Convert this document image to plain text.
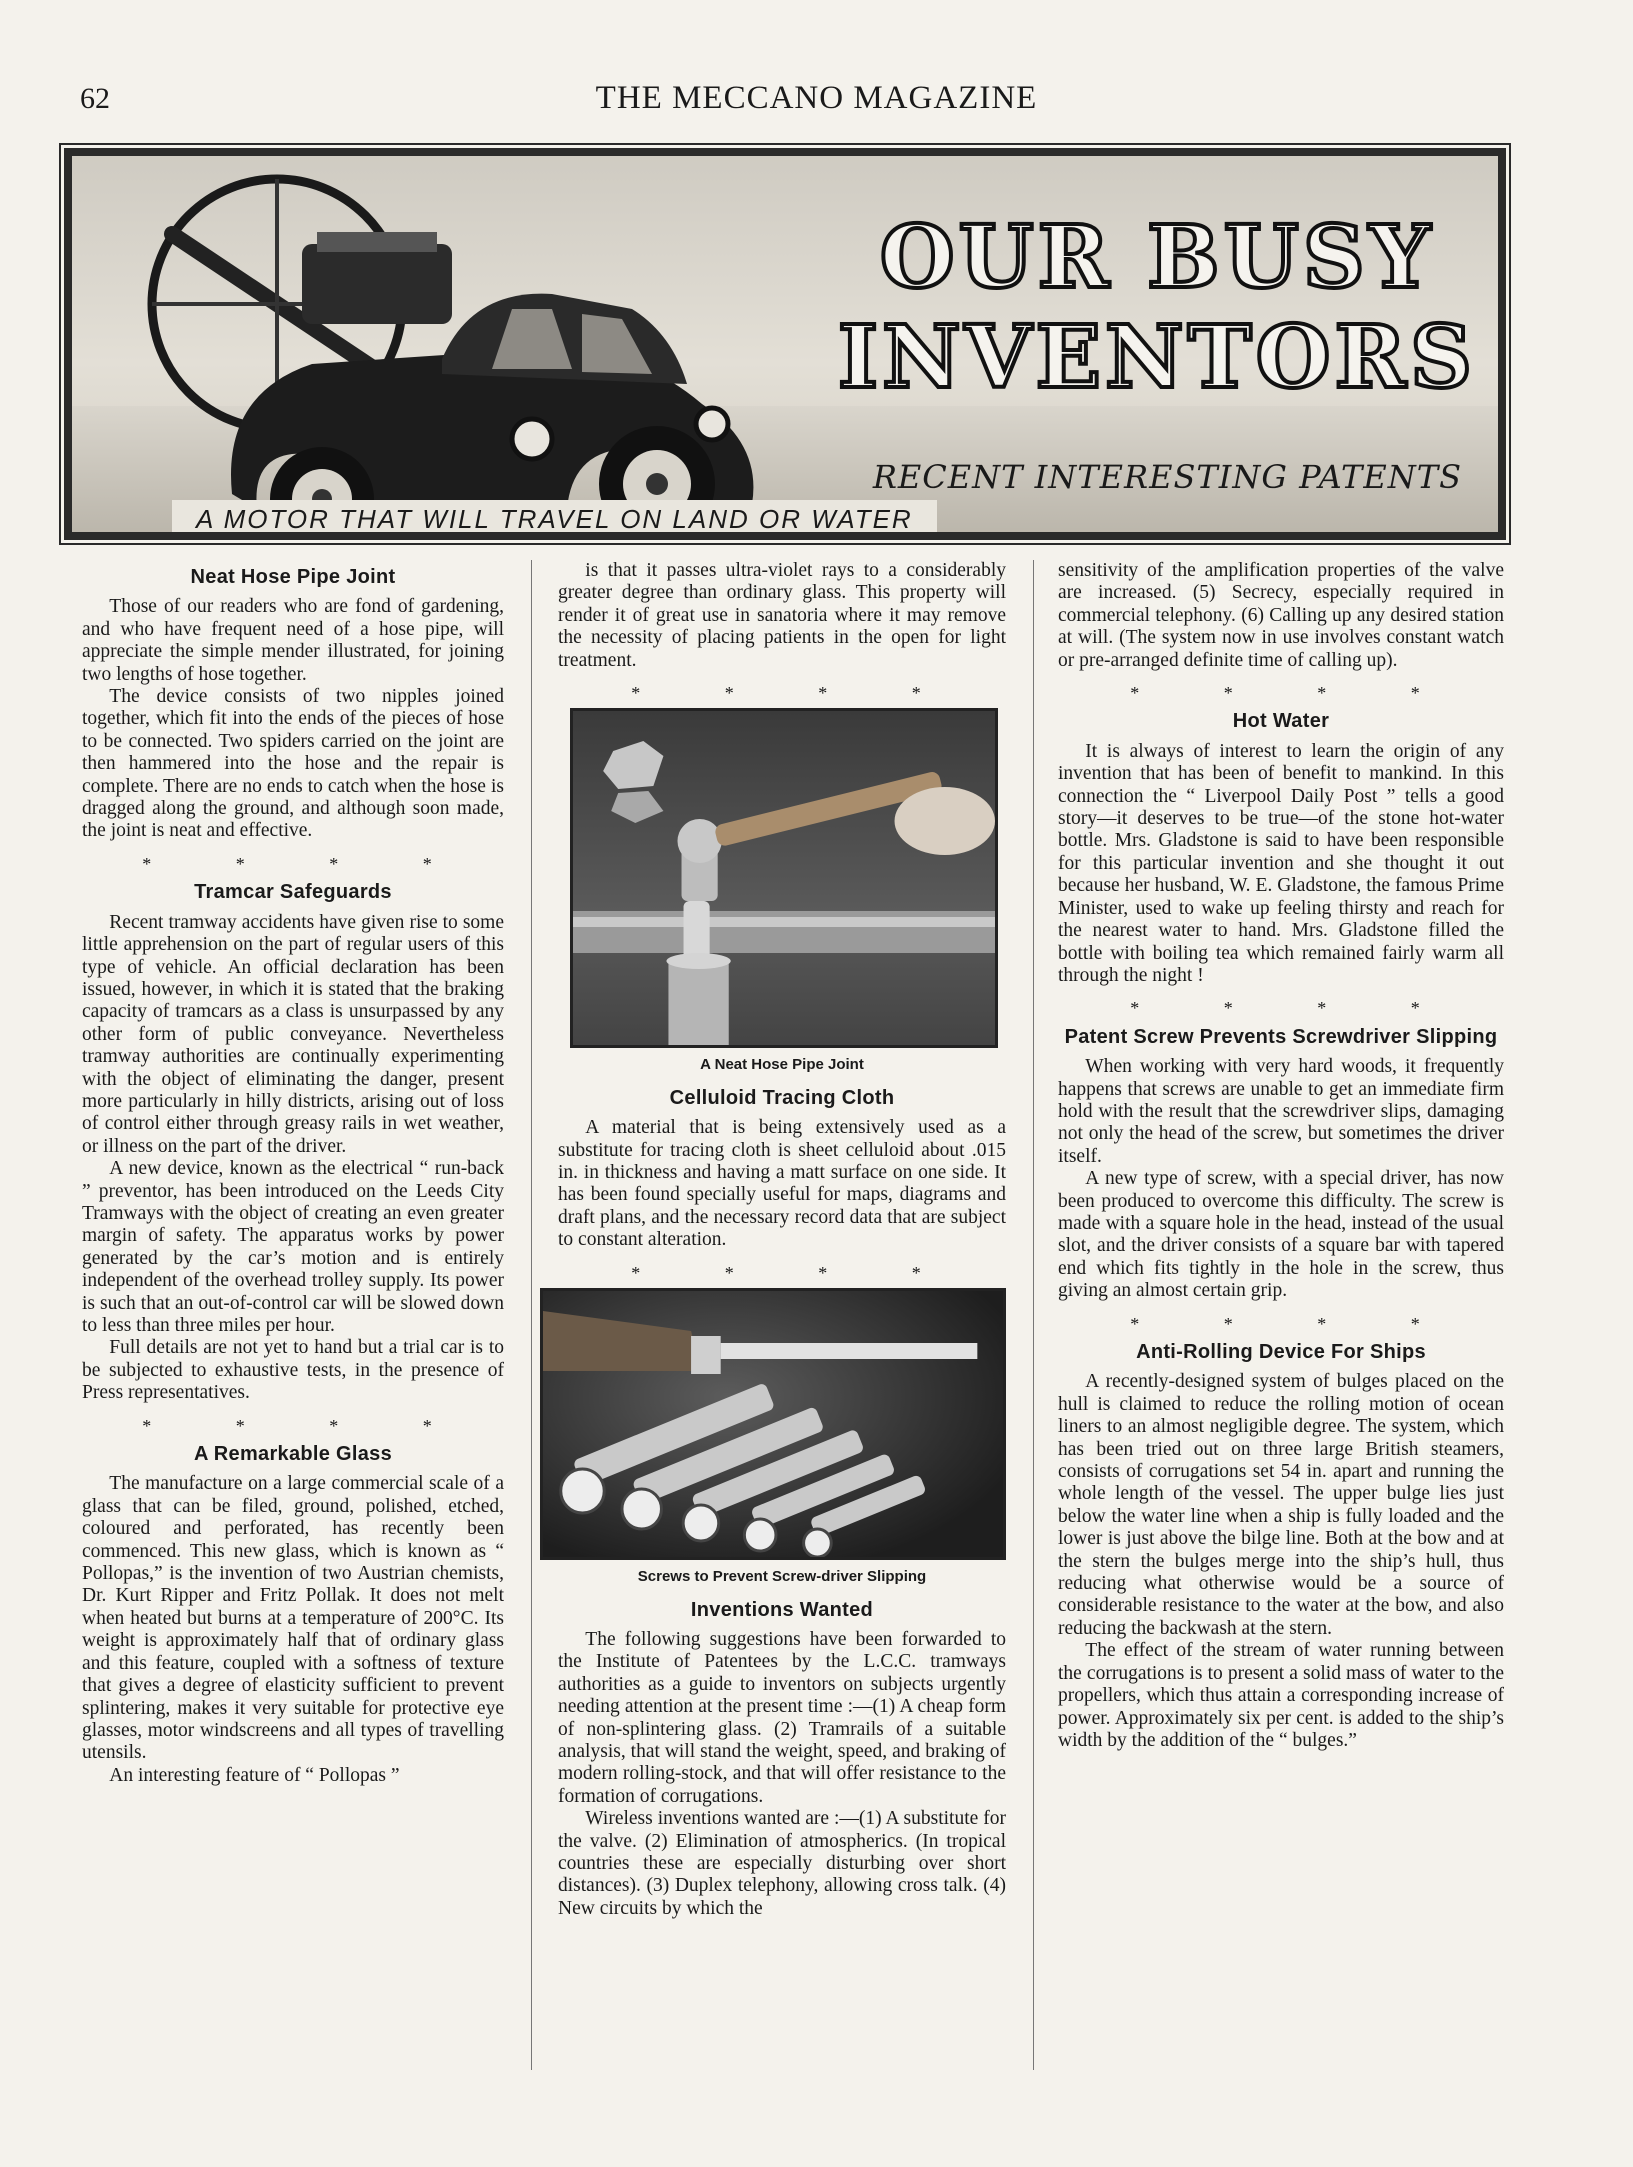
62	THE MECCANO MAGAZINE
OUR BUSY
INVENTORS
RECENT INTERESTING PATENTS
A MOTOR THAT WILL TRAVEL ON LAND OR WATER
Neat Hose Pipe Joint

Those of our readers who are fond of gardening, and who have frequent need of a hose pipe, will appreciate the simple mender illustrated, for joining two lengths of hose together.

The device consists of two nipples joined together, which fit into the ends of the pieces of hose to be connected. Two spiders carried on the joint are then hammered into the hose and the repair is complete. There are no ends to catch when the hose is dragged along the ground, and although soon made, the joint is neat and effective.

* * * *
Tramcar Safeguards

Recent tramway accidents have given rise to some little apprehension on the part of regular users of this type of vehicle. An official declaration has been issued, however, in which it is stated that the braking capacity of tramcars as a class is unsurpassed by any other form of public conveyance. Nevertheless tramway authorities are continually experimenting with the object of eliminating the danger, present more particularly in hilly districts, arising out of loss of control either through greasy rails in wet weather, or illness on the part of the driver.

A new device, known as the electrical “ run-back ” preventor, has been introduced on the Leeds City Tramways with the object of creating an even greater margin of safety. The apparatus works by power generated by the car’s motion and is entirely independent of the overhead trolley supply. Its power is such that an out-of-control car will be slowed down to less than three miles per hour.

Full details are not yet to hand but a trial car is to be subjected to exhaustive tests, in the presence of Press representatives.

* * * *
A Remarkable Glass

The manufacture on a large commercial scale of a glass that can be filed, ground, polished, etched, coloured and perforated, has recently been commenced. This new glass, which is known as “ Pollopas,” is the invention of two Austrian chemists, Dr. Kurt Ripper and Fritz Pollak. It does not melt when heated but burns at a temperature of 200°C. Its weight is approximately half that of ordinary glass and this feature, coupled with a softness of texture that gives a degree of elasticity sufficient to prevent splintering, makes it very suitable for protective eye glasses, motor windscreens and all types of travelling utensils.

An interesting feature of “ Pollopas ”

is that it passes ultra-violet rays to a considerably greater degree than ordinary glass. This property will render it of great use in sanatoria where it may remove the necessity of placing patients in the open for light treatment.

* * * *
A Neat Hose Pipe Joint
Celluloid Tracing Cloth

A material that is being extensively used as a substitute for tracing cloth is sheet celluloid about .015 in. in thickness and having a matt surface on one side. It has been found specially useful for maps, diagrams and draft plans, and the necessary record data that are subject to constant alteration.

* * * *
Screws to Prevent Screw-driver Slipping
Inventions Wanted

The following suggestions have been forwarded to the Institute of Patentees by the L.C.C. tramways authorities as a guide to inventors on subjects urgently needing attention at the present time :—(1) A cheap form of non-splintering glass. (2) Tramrails of a suitable analysis, that will stand the weight, speed, and braking of modern rolling-stock, and that will offer resistance to the formation of corrugations.

Wireless inventions wanted are :—(1) A substitute for the valve. (2) Elimination of atmospherics. (In tropical countries these are especially disturbing over short distances). (3) Duplex telephony, allowing cross talk. (4) New circuits by which the

sensitivity of the amplification properties of the valve are increased. (5) Secrecy, especially required in commercial telephony. (6) Calling up any desired station at will. (The system now in use involves constant watch or pre-arranged definite time of calling up).

* * * *
Hot Water

It is always of interest to learn the origin of any invention that has been of benefit to mankind. In this connection the “ Liverpool Daily Post ” tells a good story—it deserves to be true—of the stone hot-water bottle. Mrs. Gladstone is said to have been responsible for this particular invention and she thought it out because her husband, W. E. Gladstone, the famous Prime Minister, used to wake up feeling thirsty and reach for the nearest water to hand. Mrs. Gladstone filled the bottle with boiling tea which remained fairly warm all through the night !

* * * *
Patent Screw Prevents Screwdriver Slipping

When working with very hard woods, it frequently happens that screws are unable to get an immediate firm hold with the result that the screwdriver slips, damaging not only the head of the screw, but sometimes the driver itself.

A new type of screw, with a special driver, has now been produced to overcome this difficulty. The screw is made with a square hole in the head, instead of the usual slot, and the driver consists of a square bar with tapered end which fits tightly in the hole in the screw, thus giving an almost certain grip.

* * * *
Anti-Rolling Device For Ships

A recently-designed system of bulges placed on the hull is claimed to reduce the rolling motion of ocean liners to an almost negligible degree. The system, which has been tried out on three large British steamers, consists of corrugations set 54 in. apart and running the whole length of the vessel. The upper bulge lies just below the water line when a ship is fully loaded and the lower is just above the bilge line. Both at the bow and at the stern the bulges merge into the ship’s hull, thus reducing what otherwise would be a source of considerable resistance to the water at the bow, and also reducing the backwash at the stern.

The effect of the stream of water running between the corrugations is to present a solid mass of water to the propellers, which thus attain a corresponding increase of power. Approximately six per cent. is added to the ship’s width by the addition of the “ bulges.”
